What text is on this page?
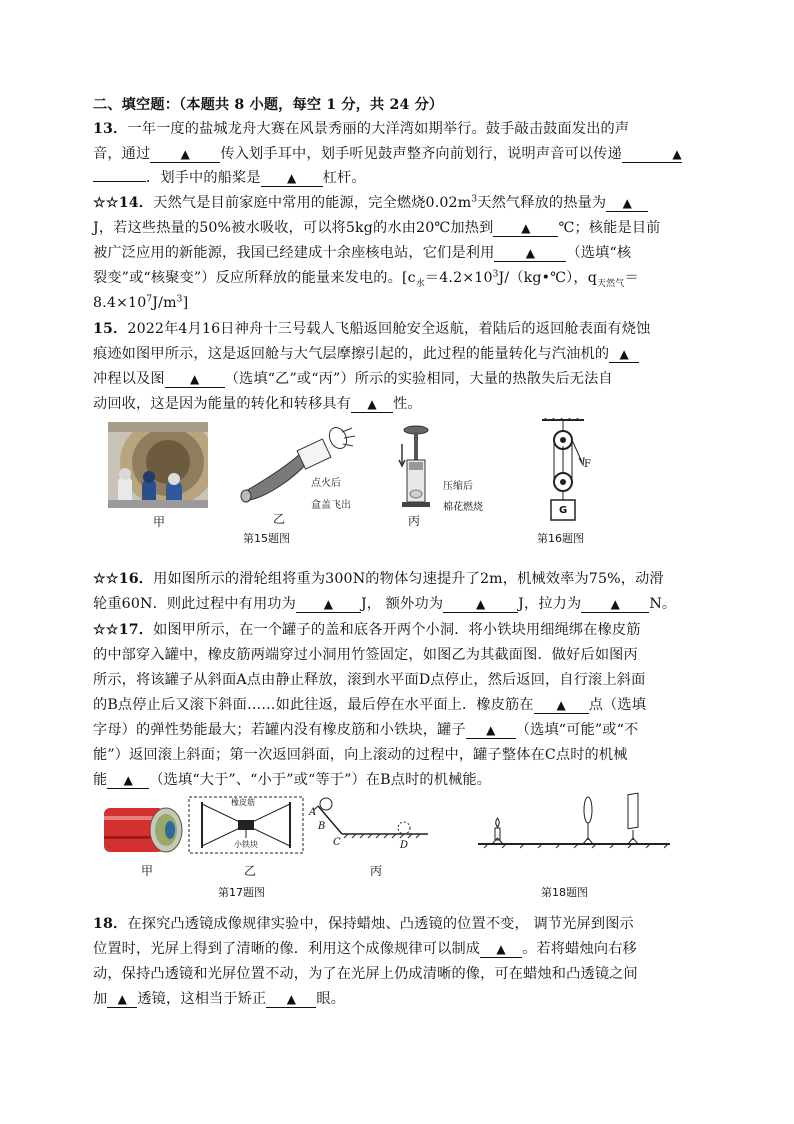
二、填空题：（本题共 8 小题，每空 1 分，共 24 分）
13．一年一度的盐城龙舟大赛在风景秀丽的大洋湾如期举行。鼓手敲击鼓面发出的声
音，通过	▲ 传入划手耳中，划手听见鼓声整齐向前划行，说明声音可以传递	▲
．划手中的船桨是 ▲ 杠杆。
☆☆14．天然气是目前家庭中常用的能源，完全燃烧$0.02m^3$天然气释放的热量为 ▲
J，若这些热量的50%被水吸收，可以将5kg的水由20℃加热到 ▲ ℃；核能是目前
被广泛应用的新能源，我国已经建成十余座核电站，它们是利用	▲ （选填“核
裂变”或“核聚变”）反应所释放的能量来发电的。[$c_水=4.2\times 10^3J/(kg•℃)$，$q_{天然气}=$
$8.4\times 10^7J/m^3$]
15．2022年4月16日神舟十三号载人飞船返回舱安全返航，着陆后的返回舱表面有烧蚀
痕迹如图甲所示，这是返回舱与大气层摩擦引起的，此过程的能量转化与汽油机的 ▲
冲程以及图 ▲ （选填“乙”或“丙”）所示的实验相同，大量的热散失后无法自
动回收，这是因为能量的转化和转移具有 ▲ 性。
甲
点火后
盒盖飞出
乙
压缩后
棉花燃烧
丙
第15题图
F
G
第16题图
☆☆16．用如图所示的滑轮组将重为300N的物体匀速提升了2m，机械效率为75%，动滑
轮重60N．则此过程中有用功为 ▲ J， 额外功为	▲ J，拉力为 ▲ N。
☆☆17．如图甲所示，在一个罐子的盖和底各开两个小洞．将小铁块用细绳绑在橡皮筋
的中部穿入罐中，橡皮筋两端穿过小洞用竹签固定，如图乙为其截面图．做好后如图丙
所示，将该罐子从斜面A点由静止释放，滚到水平面D点停止，然后返回，自行滚上斜面
的B点停止后又滚下斜面……如此往返，最后停在水平面上．橡皮筋在 ▲ 点（选填
字母）的弹性势能最大；若罐内没有橡皮筋和小铁块，罐子 ▲ （选填“可能”或“不
能”）返回滚上斜面；第一次返回斜面，向上滚动的过程中，罐子整体在C点时的机械
能 ▲ （选填“大于”、“小于”或“等于”）在B点时的机械能。
甲
橡皮筋
小铁块
乙
A
B
C	D
丙
第17题图	第18题图
18．在探究凸透镜成像规律实验中，保持蜡烛、凸透镜的位置不变， 调节光屏到图示
位置时，光屏上得到了清晰的像．利用这个成像规律可以制成 ▲ 。若将蜡烛向右移
动，保持凸透镜和光屏位置不动，为了在光屏上仍成清晰的像，可在蜡烛和凸透镜之间
加 ▲ 透镜，这相当于矫正 ▲ 眼。
